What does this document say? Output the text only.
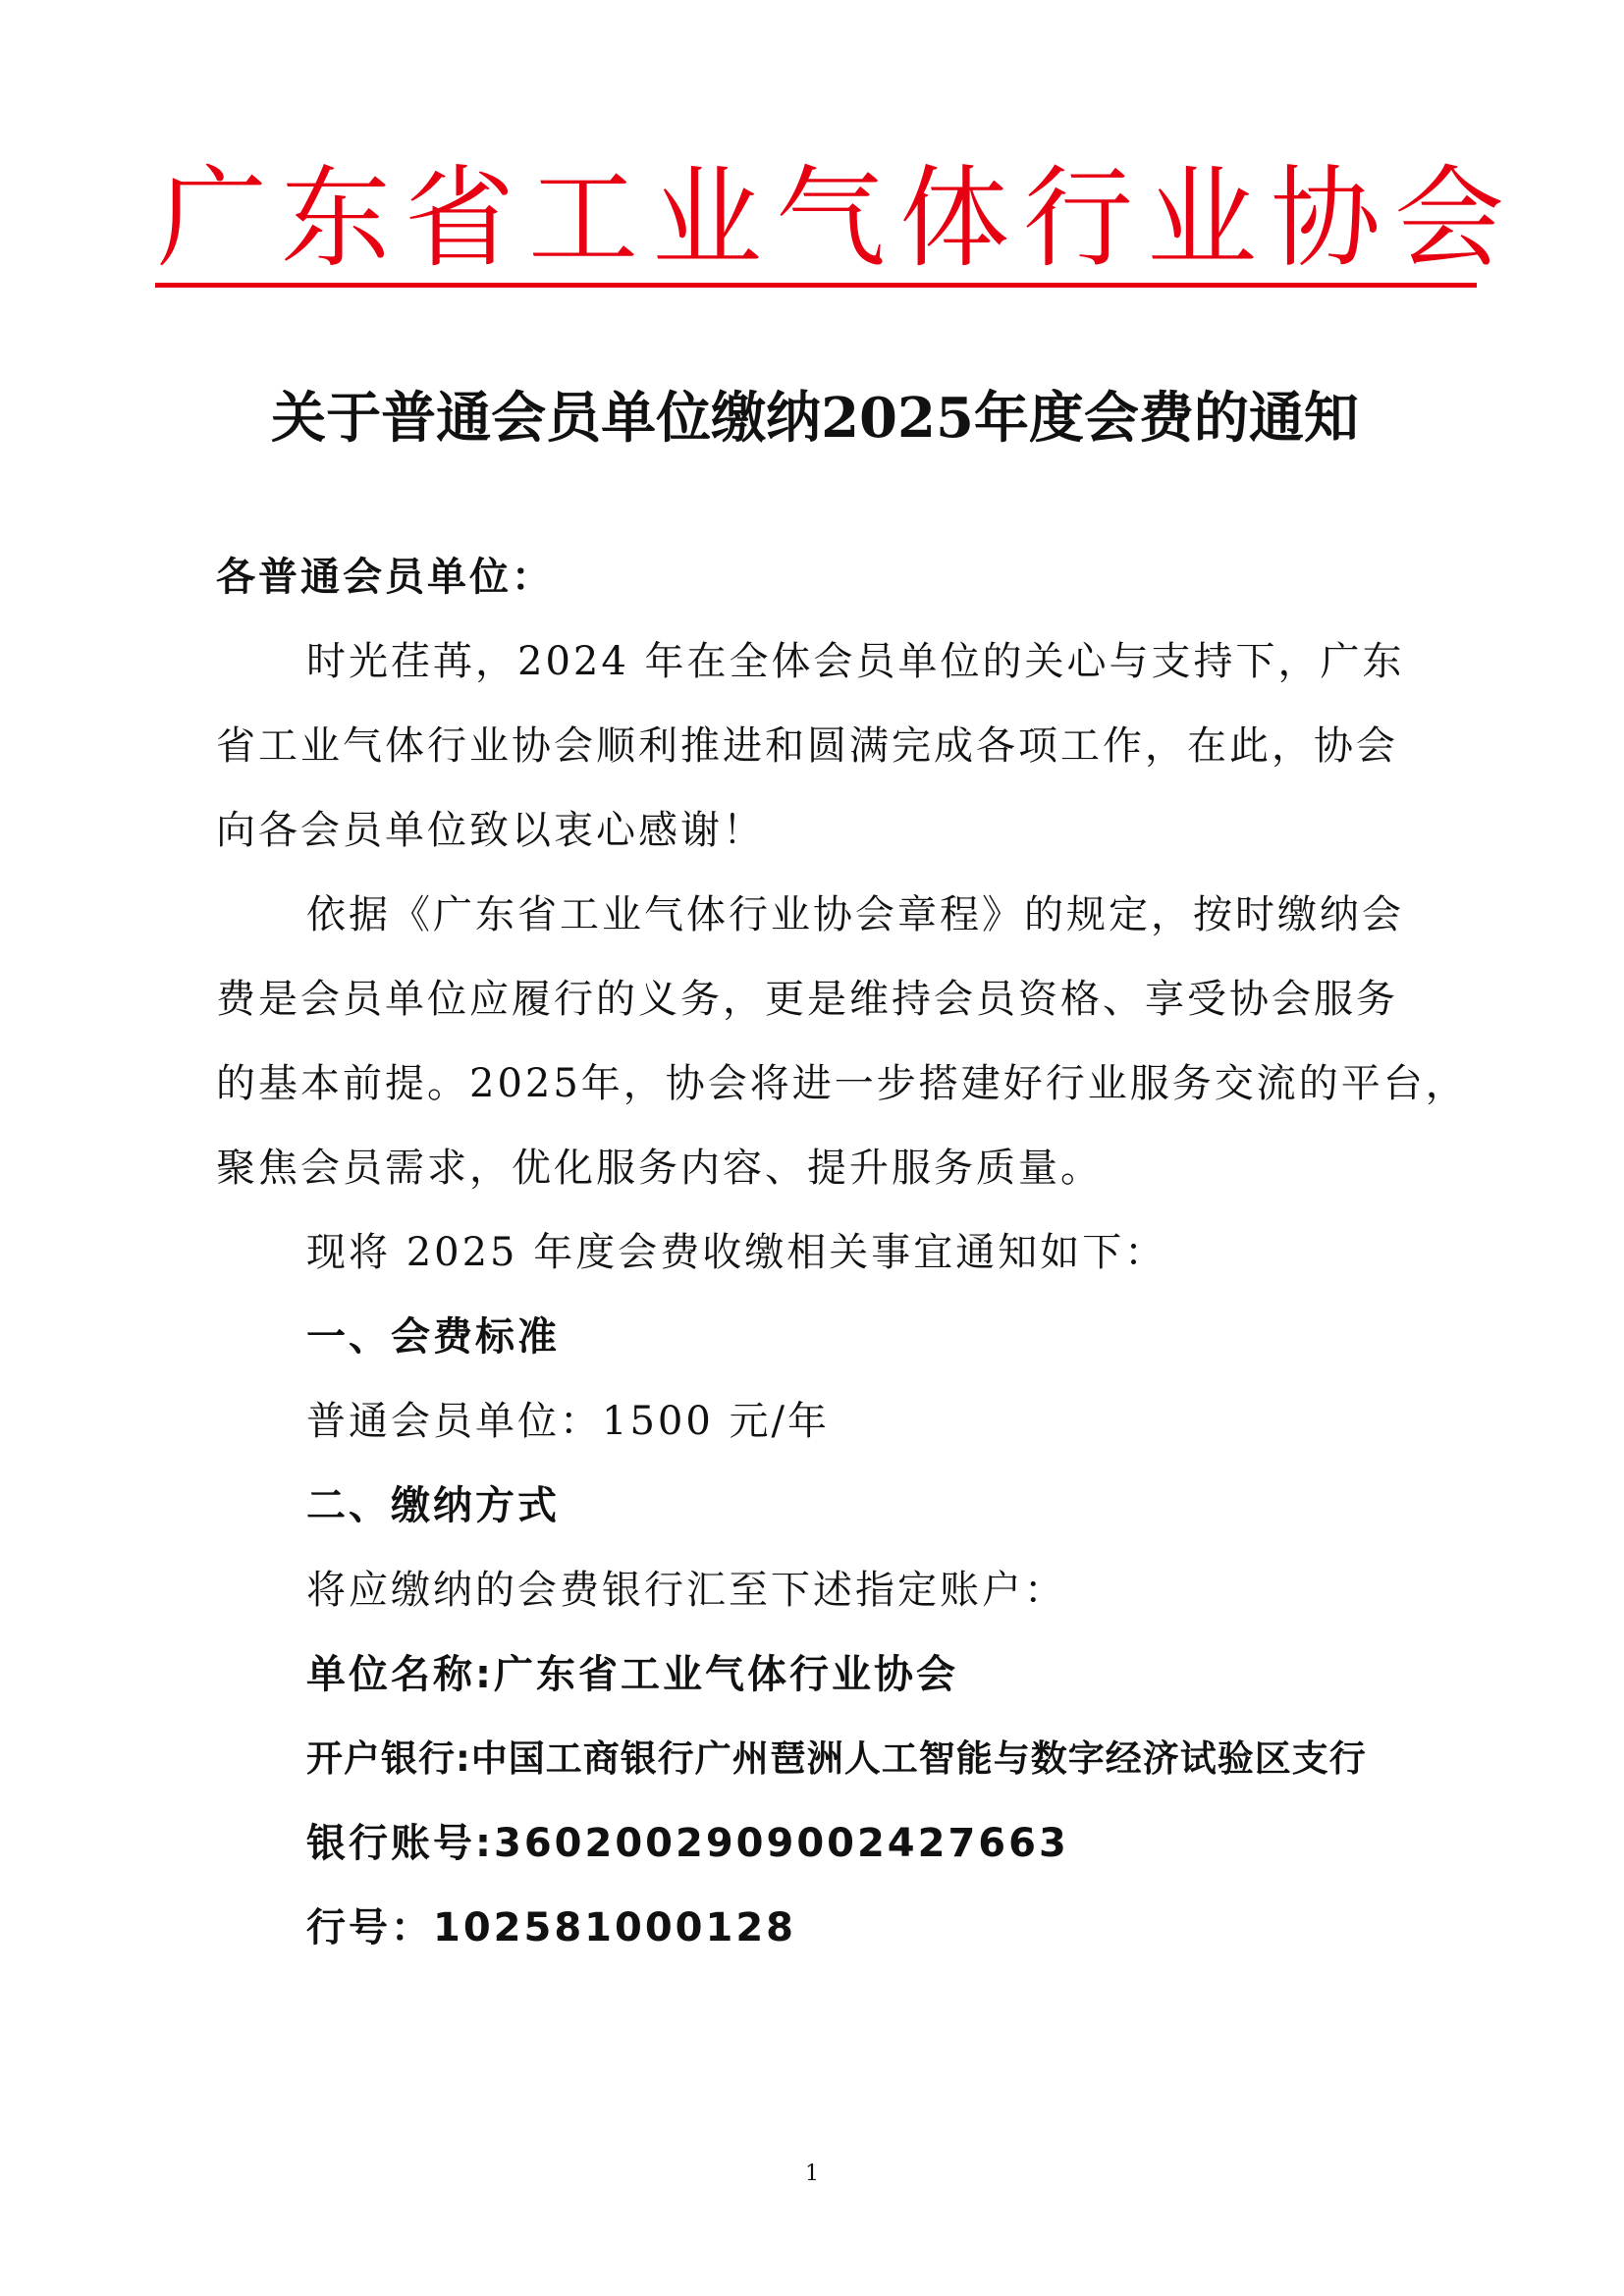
广东省工业气体行业协会
关于普通会员单位缴纳2025年度会费的通知
各普通会员单位：
时光荏苒，2024 年在全体会员单位的关心与支持下，广东
省工业气体行业协会顺利推进和圆满完成各项工作，在此，协会
向各会员单位致以衷心感谢！
依据《广东省工业气体行业协会章程》的规定，按时缴纳会
费是会员单位应履行的义务，更是维持会员资格、享受协会服务
的基本前提。2025年，协会将进一步搭建好行业服务交流的平台，
聚焦会员需求，优化服务内容、提升服务质量。
现将 2025 年度会费收缴相关事宜通知如下：
一、会费标准
普通会员单位：1500 元/年
二、缴纳方式
将应缴纳的会费银行汇至下述指定账户：
单位名称:广东省工业气体行业协会
开户银行:中国工商银行广州琶洲人工智能与数字经济试验区支行
银行账号:3602002909002427663
行号：102581000128
1
